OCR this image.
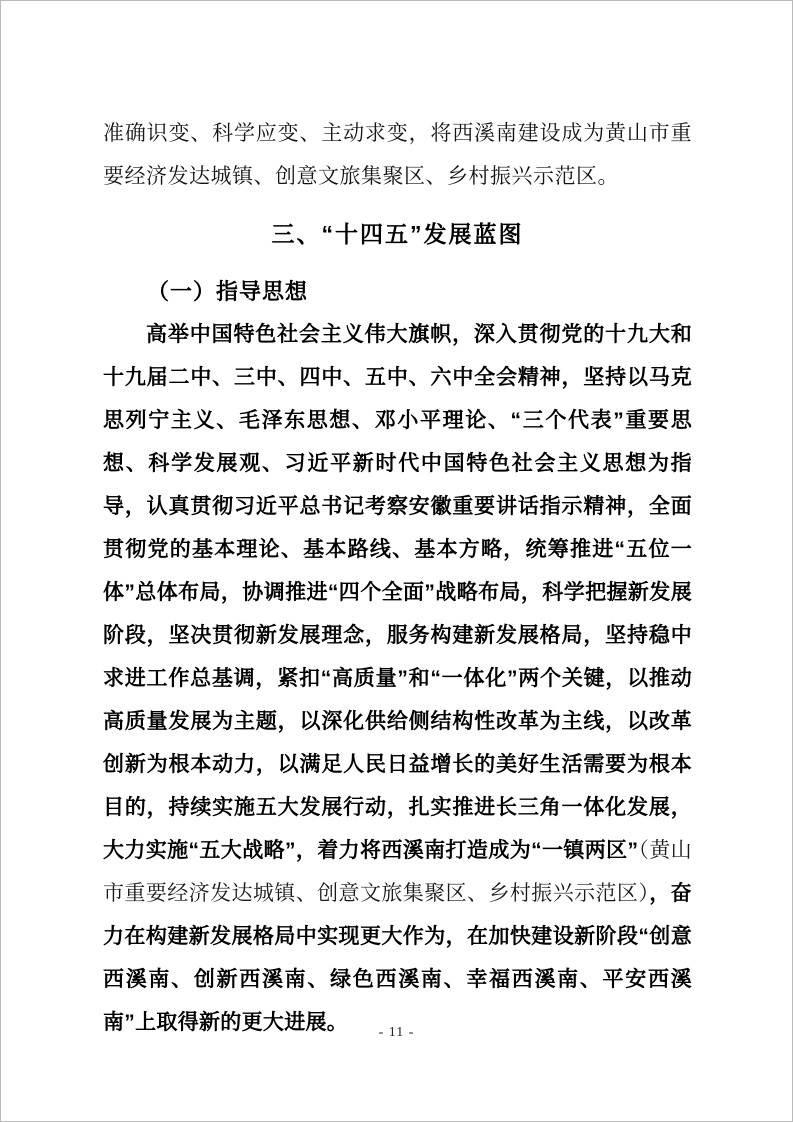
准确识变、科学应变、主动求变，将西溪南建设成为黄山市重要经济发达城镇、创意文旅集聚区、乡村振兴示范区。

三、“十四五”发展蓝图
（一）指导思想

高举中国特色社会主义伟大旗帜，深入贯彻党的十九大和十九届二中、三中、四中、五中、六中全会精神，坚持以马克思列宁主义、毛泽东思想、邓小平理论、“三个代表”重要思想、科学发展观、习近平新时代中国特色社会主义思想为指导，认真贯彻习近平总书记考察安徽重要讲话指示精神，全面贯彻党的基本理论、基本路线、基本方略，统筹推进“五位一体”总体布局，协调推进“四个全面”战略布局，科学把握新发展阶段，坚决贯彻新发展理念，服务构建新发展格局，坚持稳中求进工作总基调，紧扣“高质量”和“一体化”两个关键，以推动高质量发展为主题，以深化供给侧结构性改革为主线，以改革创新为根本动力，以满足人民日益增长的美好生活需要为根本目的，持续实施五大发展行动，扎实推进长三角一体化发展，大力实施“五大战略”，着力将西溪南打造成为“一镇两区”（黄山市重要经济发达城镇、创意文旅集聚区、乡村振兴示范区），奋力在构建新发展格局中实现更大作为，在加快建设新阶段“创意西溪南、创新西溪南、绿色西溪南、幸福西溪南、平安西溪南”上取得新的更大进展。	- 11 -
